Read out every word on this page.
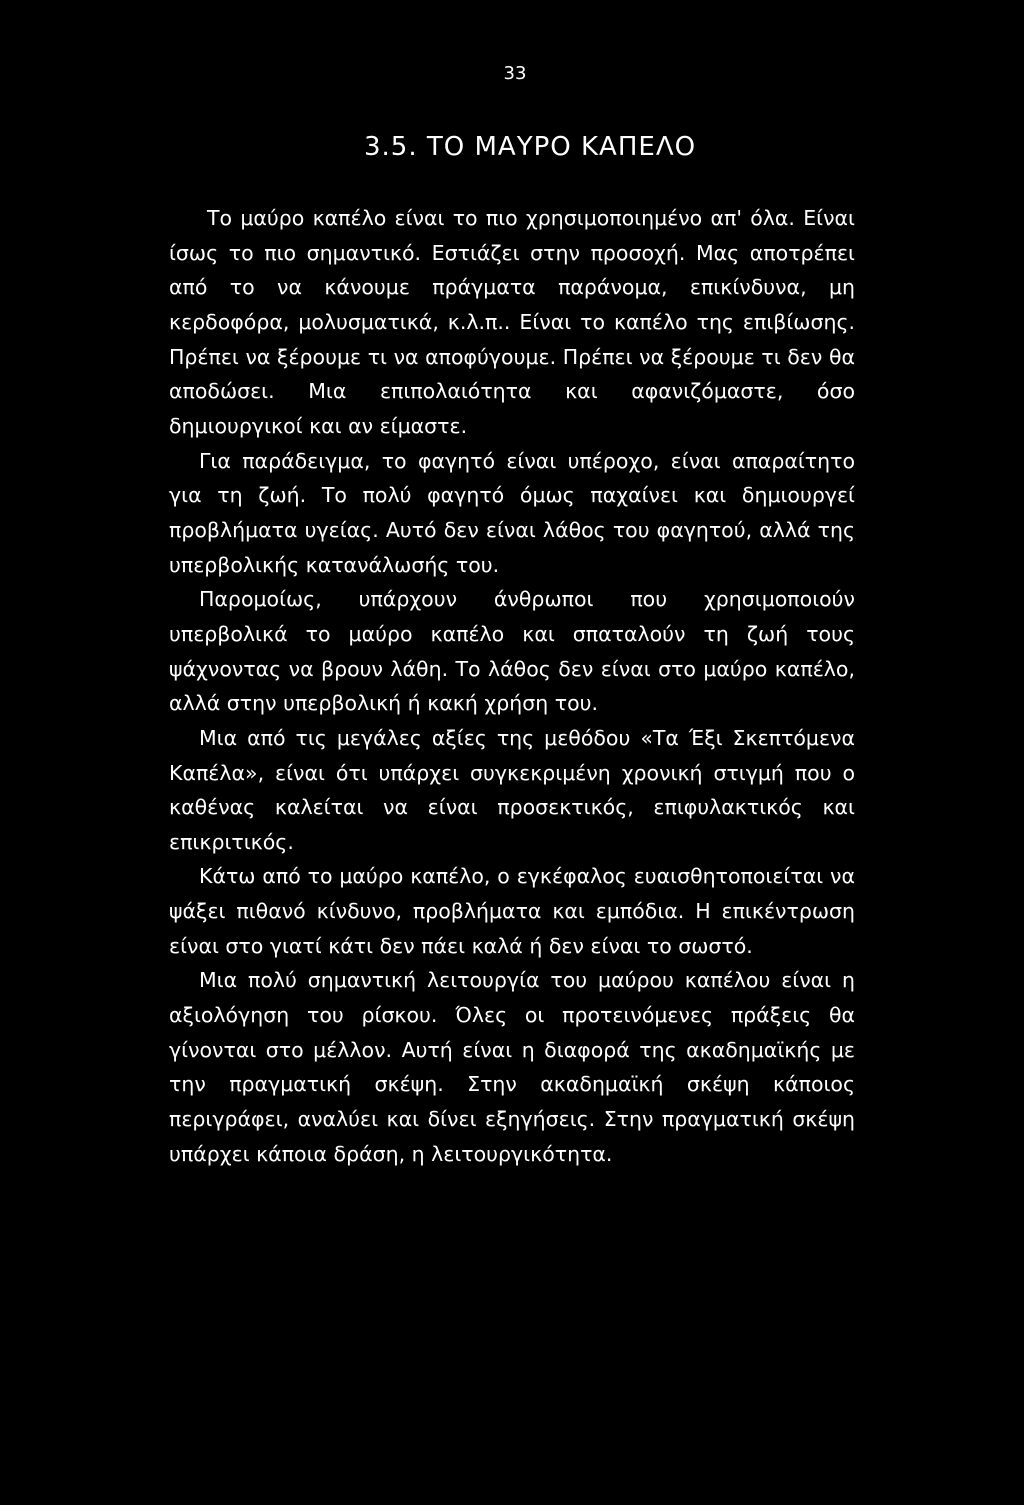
33
3.5. ΤΟ ΜΑΥΡΟ ΚΑΠΕΛΟ

Το μαύρο καπέλο είναι το πιο χρησιμοποιημένο απ' όλα. Είναι ίσως το πιο σημαντικό. Εστιάζει στην προσοχή. Μας αποτρέπει από το να κάνουμε πράγματα παράνομα, επικίνδυνα, μη κερδοφόρα, μολυσματικά, κ.λ.π.. Είναι το καπέλο της επιβίωσης. Πρέπει να ξέρουμε τι να αποφύγουμε. Πρέπει να ξέρουμε τι δεν θα αποδώσει. Μια επιπολαιότητα και αφανιζόμαστε, όσο δημιουργικοί και αν είμαστε.

Για παράδειγμα, το φαγητό είναι υπέροχο, είναι απαραίτητο για τη ζωή. Το πολύ φαγητό όμως παχαίνει και δημιουργεί προβλήματα υγείας. Αυτό δεν είναι λάθος του φαγητού, αλλά της υπερβολικής κατανάλωσής του.

Παρομοίως, υπάρχουν άνθρωποι που χρησιμοποιούν υπερβολικά το μαύρο καπέλο και σπαταλούν τη ζωή τους ψάχνοντας να βρουν λάθη. Το λάθος δεν είναι στο μαύρο καπέλο, αλλά στην υπερβολική ή κακή χρήση του.

Μια από τις μεγάλες αξίες της μεθόδου «Τα Έξι Σκεπτόμενα Καπέλα», είναι ότι υπάρχει συγκεκριμένη χρονική στιγμή που ο καθένας καλείται να είναι προσεκτικός, επιφυλακτικός και επικριτικός.

Κάτω από το μαύρο καπέλο, ο εγκέφαλος ευαισθητοποιείται να ψάξει πιθανό κίνδυνο, προβλήματα και εμπόδια. Η επικέντρωση είναι στο γιατί κάτι δεν πάει καλά ή δεν είναι το σωστό.

Μια πολύ σημαντική λειτουργία του μαύρου καπέλου είναι η αξιολόγηση του ρίσκου. Όλες οι προτεινόμενες πράξεις θα γίνονται στο μέλλον. Αυτή είναι η διαφορά της ακαδημαϊκής με την πραγματική σκέψη. Στην ακαδημαϊκή σκέψη κάποιος περιγράφει, αναλύει και δίνει εξηγήσεις. Στην πραγματική σκέψη υπάρχει κάποια δράση, η λειτουργικότητα.
